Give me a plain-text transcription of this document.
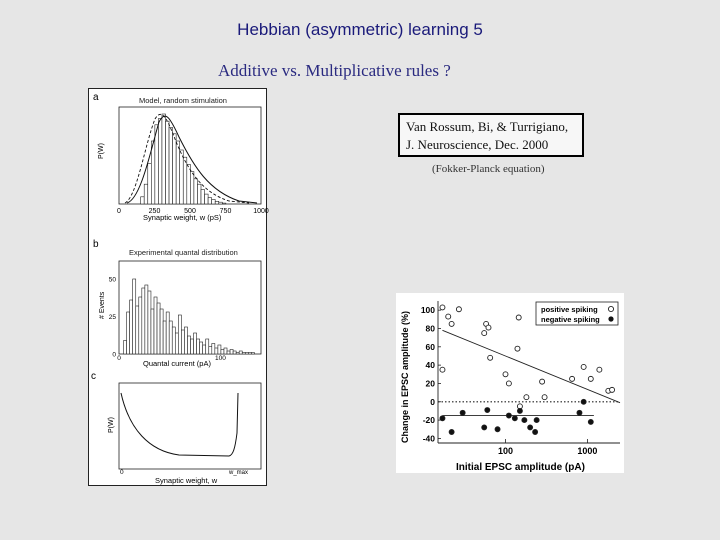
Hebbian (asymmetric) learning 5
Additive vs. Multiplicative rules ?
Van Rossum, Bi, & Turrigiano,
J. Neuroscience, Dec. 2000
(Fokker-Planck equation)
a	Model, random stimulation
P(W)
0	250	500	750	1000
Synaptic weight, w (pS)
b
Experimental quantal distribution
0
25
50
0	100
# Events
Quantal current (pA)
c
P(W)
0	w_max
Synaptic weight, w
-40
-20
0
20
40
60
80
100
100	1000
positive spiking
negative spiking
Change in EPSC amplitude (%)
Initial EPSC amplitude (pA)
